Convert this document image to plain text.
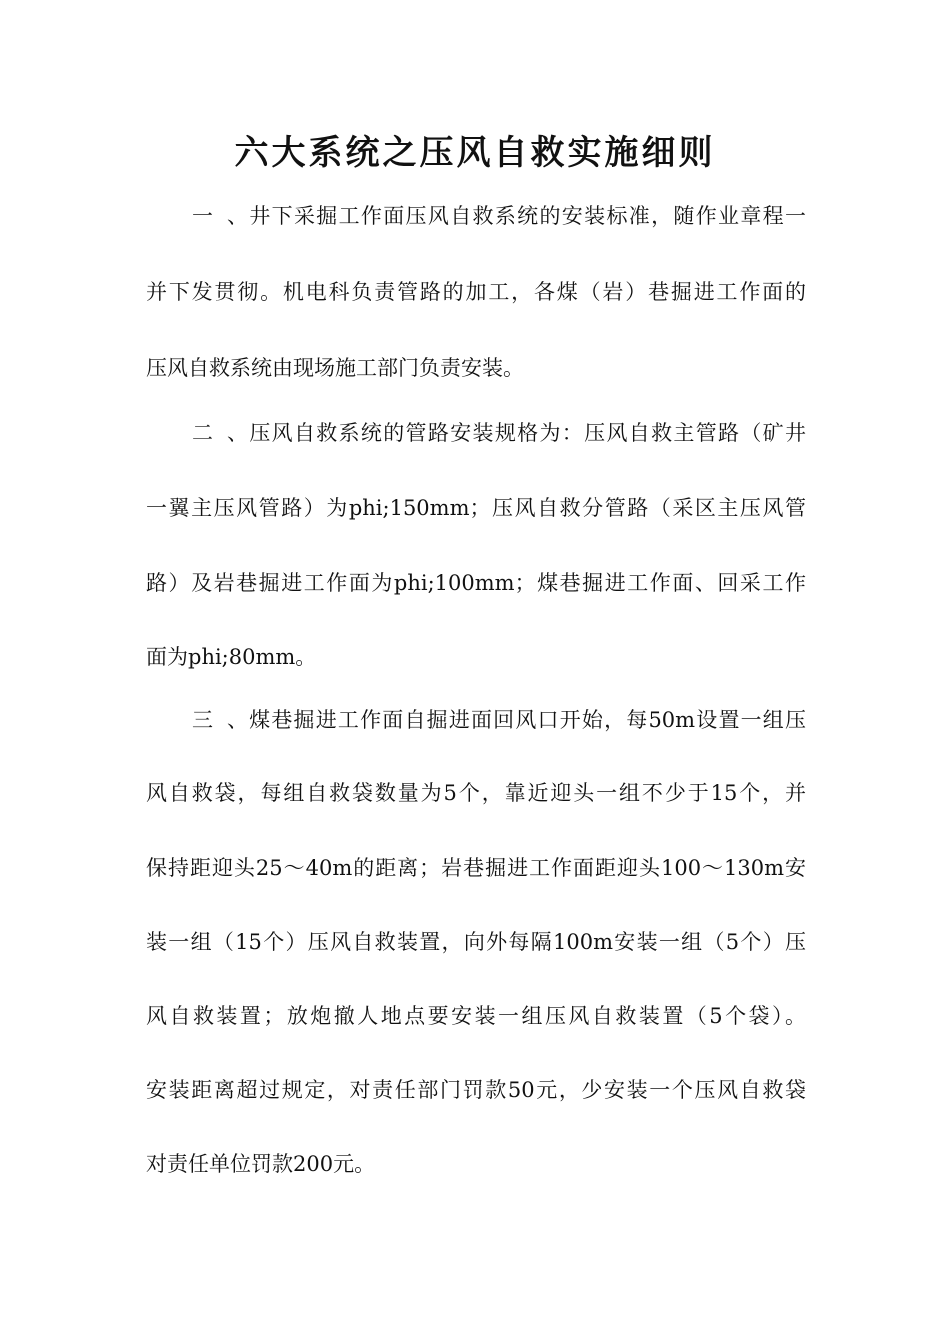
六大系统之压风自救实施细则
一、井下采掘工作面压风自救系统的安装标准，随作业章程一
并下发贯彻。机电科负责管路的加工，各煤（岩）巷掘进工作面的
压风自救系统由现场施工部门负责安装。
二、压风自救系统的管路安装规格为：压风自救主管路（矿井
一翼主压风管路）为phi;150mm；压风自救分管路（采区主压风管
路）及岩巷掘进工作面为phi;100mm；煤巷掘进工作面、回采工作
面为phi;80mm。
三、煤巷掘进工作面自掘进面回风口开始，每50m设置一组压
风自救袋，每组自救袋数量为5个，靠近迎头一组不少于15个，并
保持距迎头25～40m的距离；岩巷掘进工作面距迎头100～130m安
装一组（15个）压风自救装置，向外每隔100m安装一组（5个）压
风自救装置；放炮撤人地点要安装一组压风自救装置（5个袋）。
安装距离超过规定，对责任部门罚款50元，少安装一个压风自救袋
对责任单位罚款200元。
